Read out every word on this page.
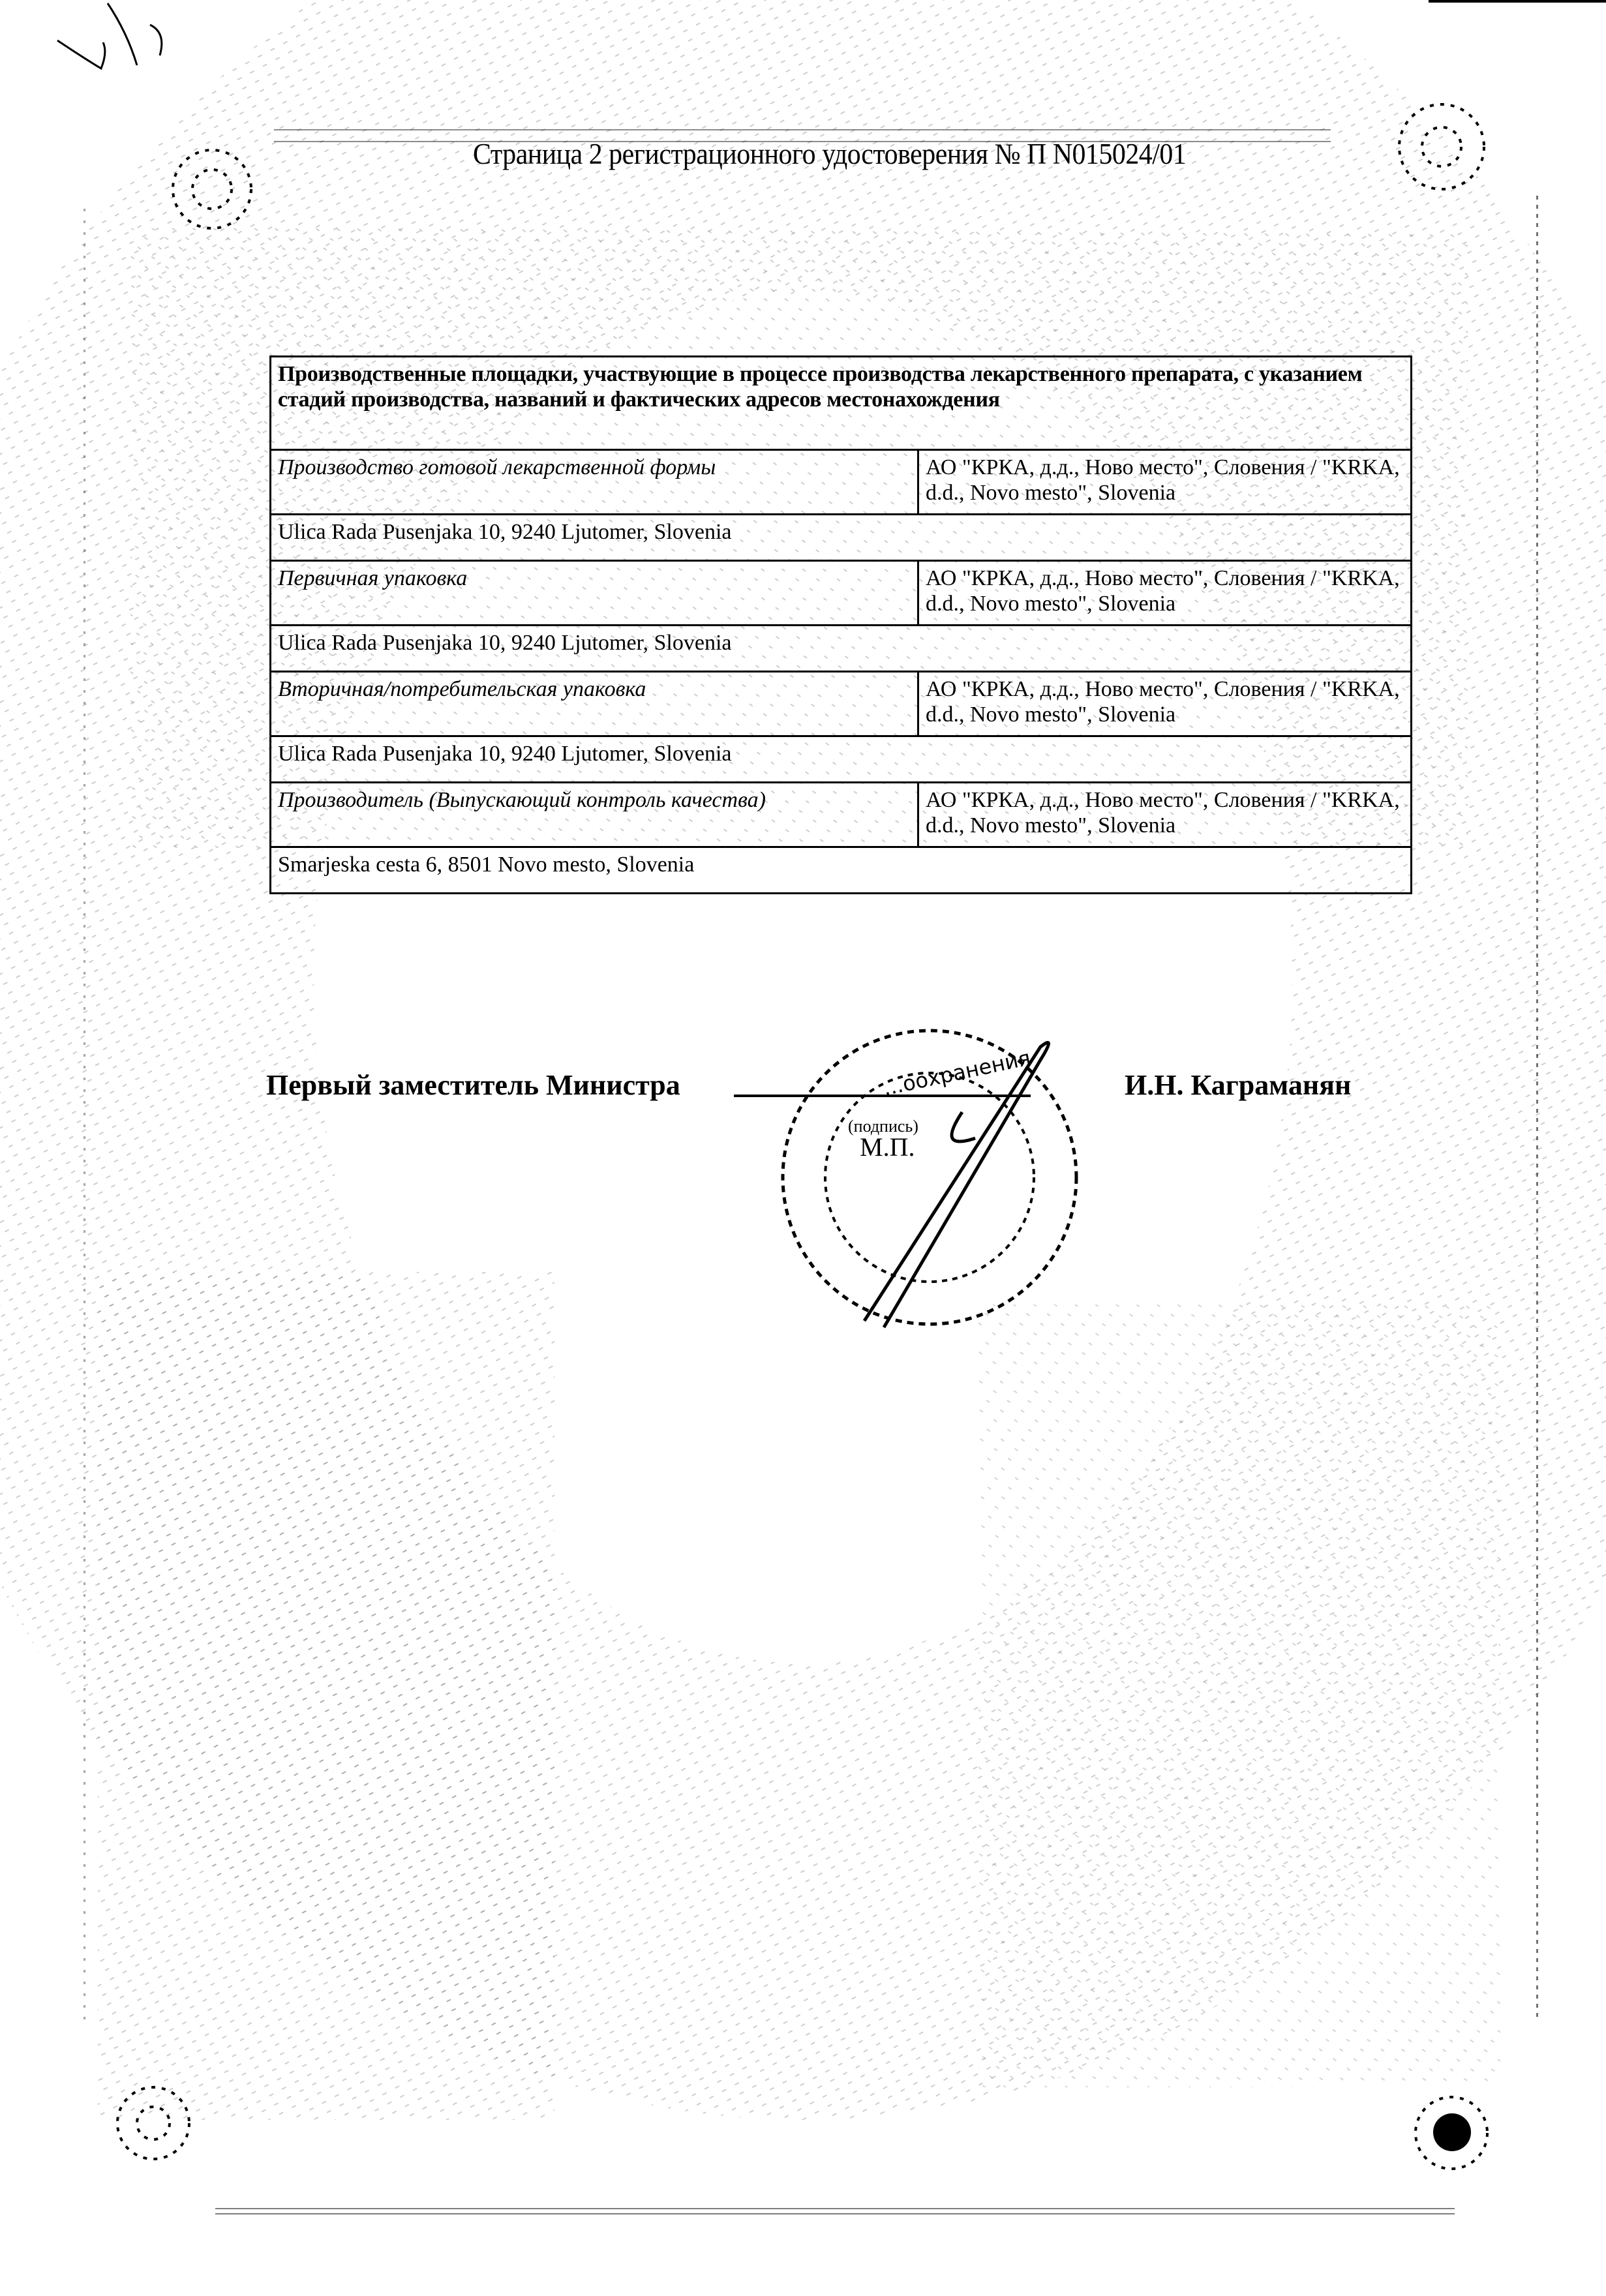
Страница 2 регистрационного удостоверения № П N015024/01
Производственные площадки, участвующие в процессе производства лекарственного препарата, с указанием стадий производства, названий и фактических адресов местонахождения	
Производство готовой лекарственной формы	АО "КРКА, д.д., Ново место", Словения / "KRKA, d.d., Novo mesto", Slovenia
Ulica Rada Pusenjaka 10, 9240 Ljutomer, Slovenia	
Первичная упаковка	АО "КРКА, д.д., Ново место", Словения / "KRKA, d.d., Novo mesto", Slovenia
Ulica Rada Pusenjaka 10, 9240 Ljutomer, Slovenia	
Вторичная/потребительская упаковка	АО "КРКА, д.д., Ново место", Словения / "KRKA, d.d., Novo mesto", Slovenia
Ulica Rada Pusenjaka 10, 9240 Ljutomer, Slovenia	
Производитель (Выпускающий контроль качества)	АО "КРКА, д.д., Ново место", Словения / "KRKA, d.d., Novo mesto", Slovenia
Smarjeska cesta 6, 8501 Novo mesto, Slovenia	
Первый заместитель Министра	...оохранения
(подпись)
М.П.
И.Н. Каграманян
